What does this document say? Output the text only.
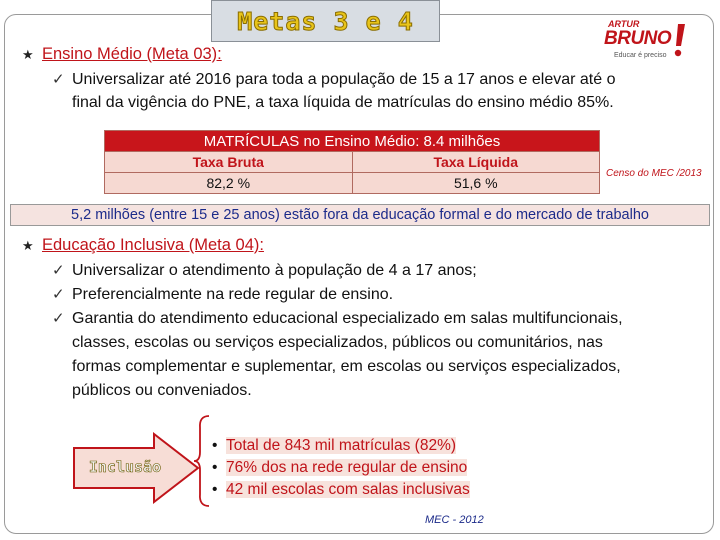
Metas 3 e 4	ARTUR
BRUNO
Educar é preciso
★ Ensino Médio (Meta 03):
✓ Universalizar até 2016 para toda a população de 15 a 17 anos e elevar até o
final da vigência do PNE, a taxa líquida de matrículas do ensino médio 85%.
MATRÍCULAS no Ensino Médio: 8.4 milhões	
Taxa Bruta	Taxa Líquida
82,2 %	51,6 %
Censo do MEC /2013
5,2 milhões (entre 15 e 25 anos) estão fora da educação formal e do mercado de trabalho
★ Educação Inclusiva (Meta 04):
✓ Universalizar o atendimento à população de 4 a 17 anos;
✓ Preferencialmente na rede regular de ensino.
✓ Garantia do atendimento educacional especializado em salas multifuncionais,
classes, escolas ou serviços especializados, públicos ou comunitários, nas
formas complementar e suplementar, em escolas ou serviços especializados,
públicos ou conveniados.
Inclusão
• Total de 843 mil matrículas (82%)
• 76% dos na rede regular de ensino
• 42 mil escolas com salas inclusivas
MEC - 2012
